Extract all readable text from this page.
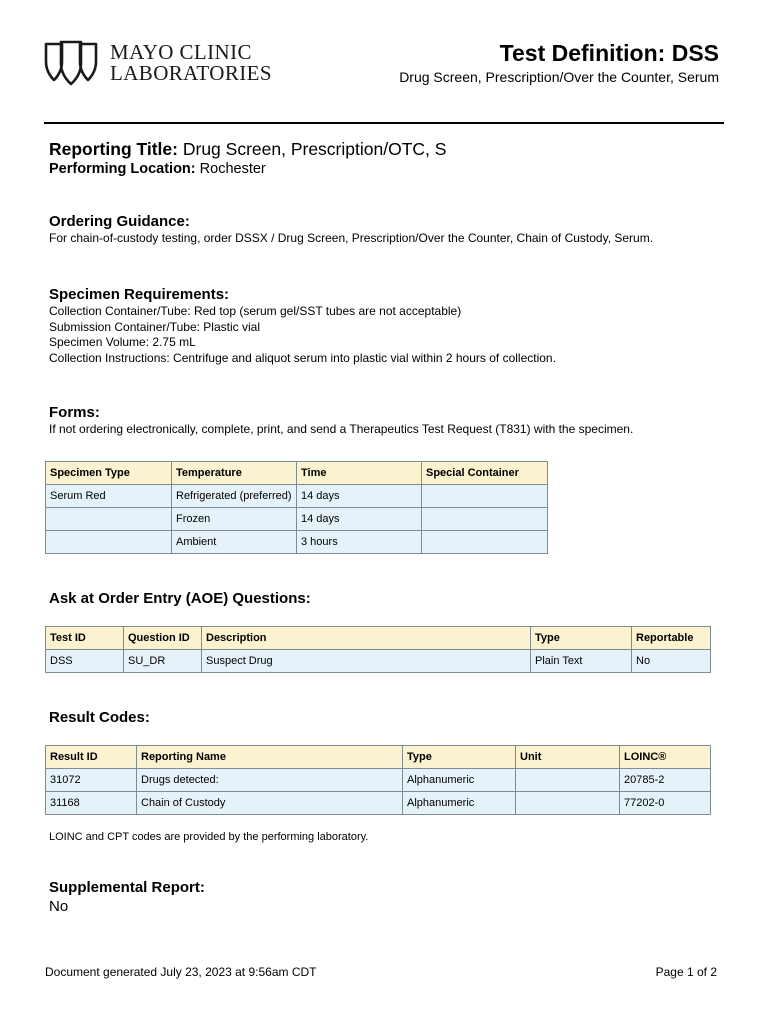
MAYO CLINIC
LABORATORIES
Test Definition: DSS
Drug Screen, Prescription/Over the Counter, Serum
Reporting Title: Drug Screen, Prescription/OTC, S
Performing Location: Rochester
Ordering Guidance:
For chain-of-custody testing, order DSSX / Drug Screen, Prescription/Over the Counter, Chain of Custody, Serum.
Specimen Requirements:
Collection Container/Tube: Red top (serum gel/SST tubes are not acceptable)
Submission Container/Tube: Plastic vial
Specimen Volume: 2.75 mL
Collection Instructions: Centrifuge and aliquot serum into plastic vial within 2 hours of collection.
Forms:
If not ordering electronically, complete, print, and send a Therapeutics Test Request (T831) with the specimen.
Specimen Type	Temperature	Time	Special Container
Serum Red	Refrigerated (preferred)	14 days	
	Frozen	14 days	
	Ambient	3 hours	
Ask at Order Entry (AOE) Questions:
Test ID	Question ID	Description	Type	Reportable
DSS	SU_DR	Suspect Drug	Plain Text	No
Result Codes:
Result ID	Reporting Name	Type	Unit	LOINC®
31072	Drugs detected:	Alphanumeric		20785-2
31168	Chain of Custody	Alphanumeric		77202-0
LOINC and CPT codes are provided by the performing laboratory.
Supplemental Report:
No
Document generated July 23, 2023 at 9:56am CDT	Page 1 of 2
